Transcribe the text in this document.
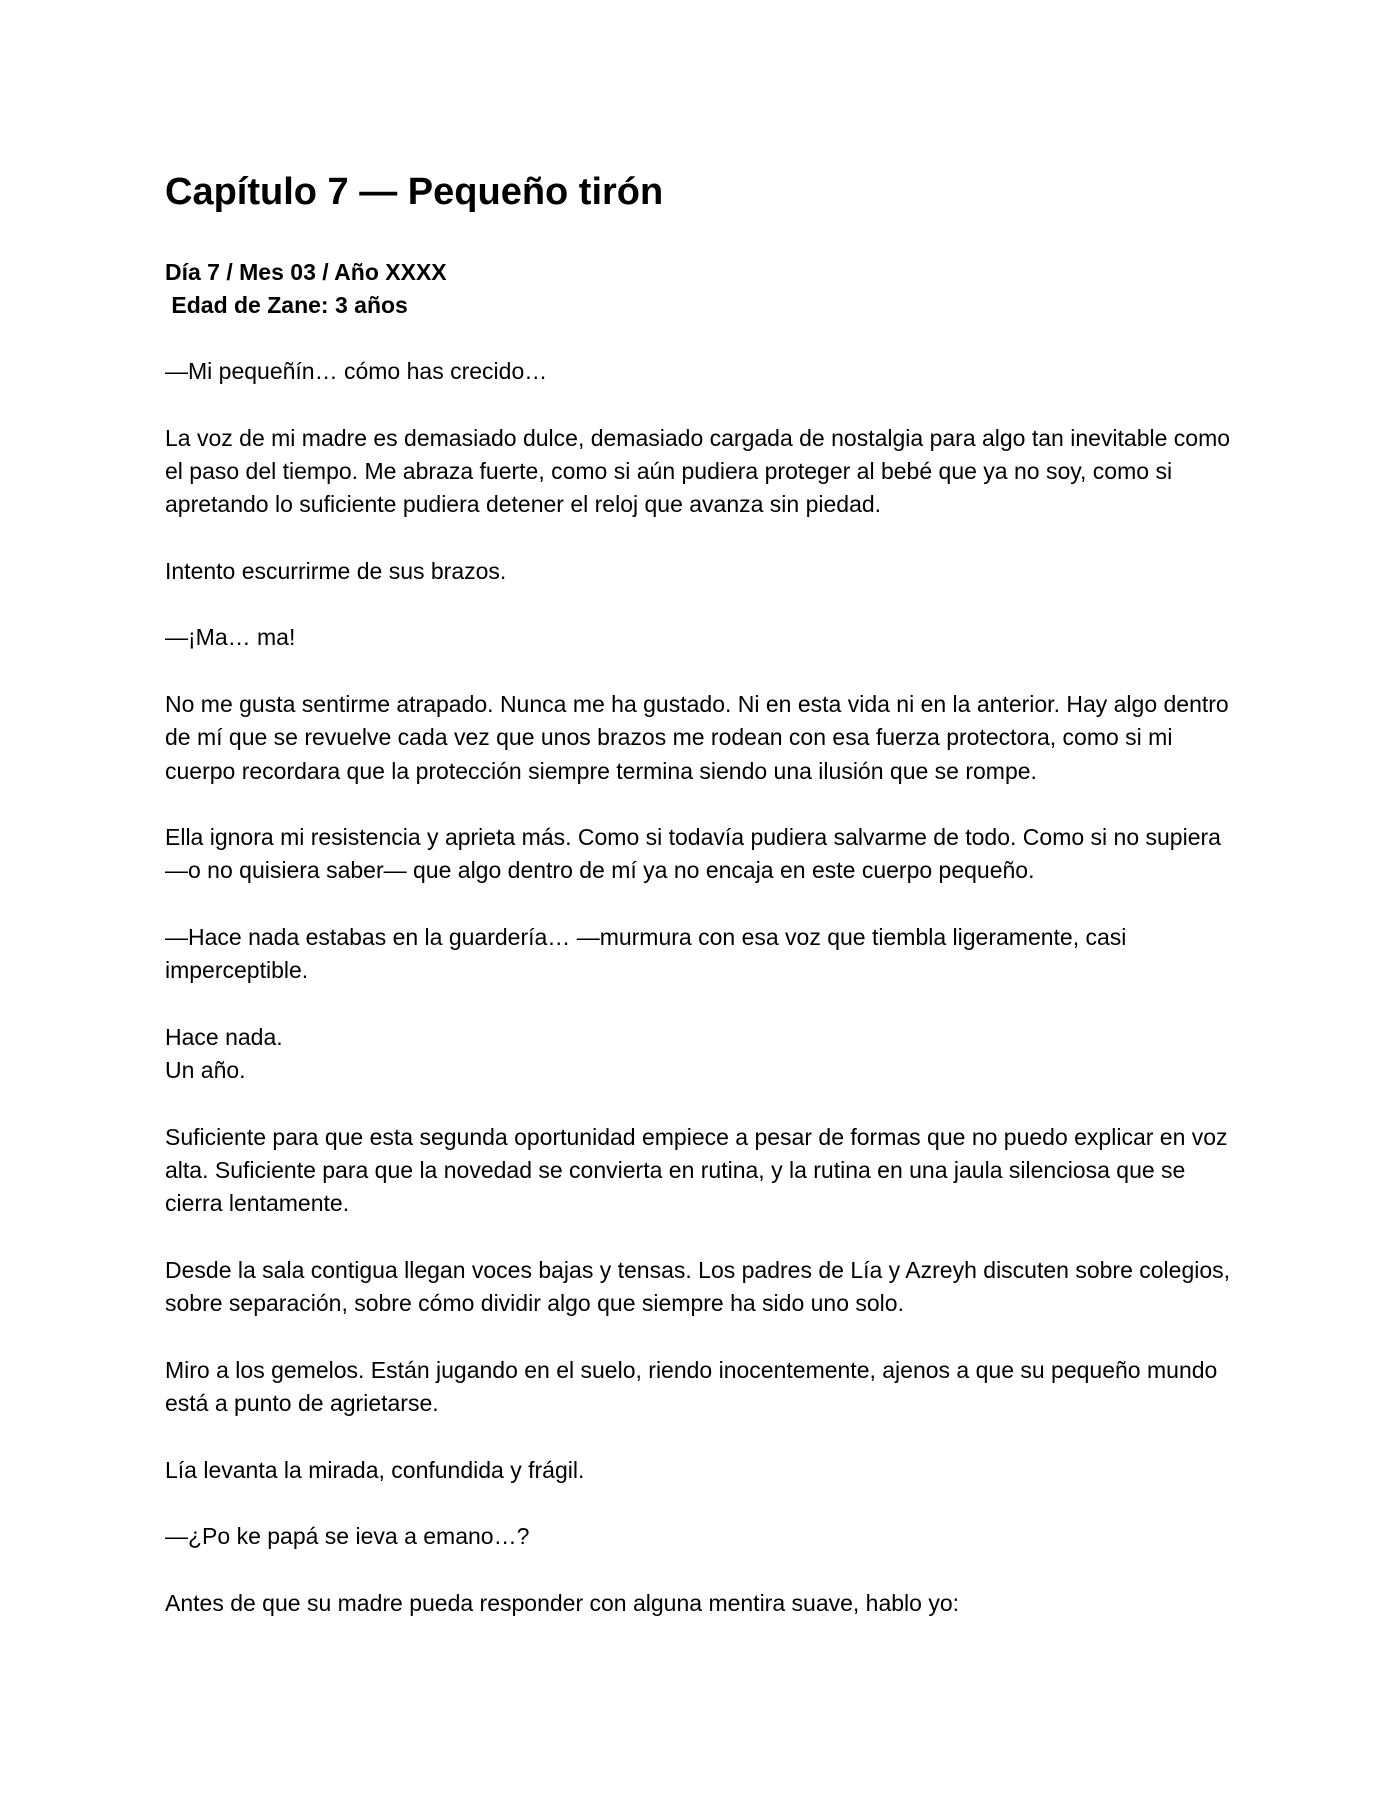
Capítulo 7 — Pequeño tirón
Día 7 / Mes 03 / Año XXXX
Edad de Zane: 3 años

—Mi pequeñín… cómo has crecido…

La voz de mi madre es demasiado dulce, demasiado cargada de nostalgia para algo tan inevitable como el paso del tiempo. Me abraza fuerte, como si aún pudiera proteger al bebé que ya no soy, como si apretando lo suficiente pudiera detener el reloj que avanza sin piedad.

Intento escurrirme de sus brazos.

—¡Ma… ma!

No me gusta sentirme atrapado. Nunca me ha gustado. Ni en esta vida ni en la anterior. Hay algo dentro de mí que se revuelve cada vez que unos brazos me rodean con esa fuerza protectora, como si mi cuerpo recordara que la protección siempre termina siendo una ilusión que se rompe.

Ella ignora mi resistencia y aprieta más. Como si todavía pudiera salvarme de todo. Como si no supiera —o no quisiera saber— que algo dentro de mí ya no encaja en este cuerpo pequeño.

—Hace nada estabas en la guardería… —murmura con esa voz que tiembla ligeramente, casi imperceptible.

Hace nada.
Un año.

Suficiente para que esta segunda oportunidad empiece a pesar de formas que no puedo explicar en voz alta. Suficiente para que la novedad se convierta en rutina, y la rutina en una jaula silenciosa que se cierra lentamente.

Desde la sala contigua llegan voces bajas y tensas. Los padres de Lía y Azreyh discuten sobre colegios, sobre separación, sobre cómo dividir algo que siempre ha sido uno solo.

Miro a los gemelos. Están jugando en el suelo, riendo inocentemente, ajenos a que su pequeño mundo está a punto de agrietarse.

Lía levanta la mirada, confundida y frágil.

—¿Po ke papá se ieva a emano…?

Antes de que su madre pueda responder con alguna mentira suave, hablo yo:
